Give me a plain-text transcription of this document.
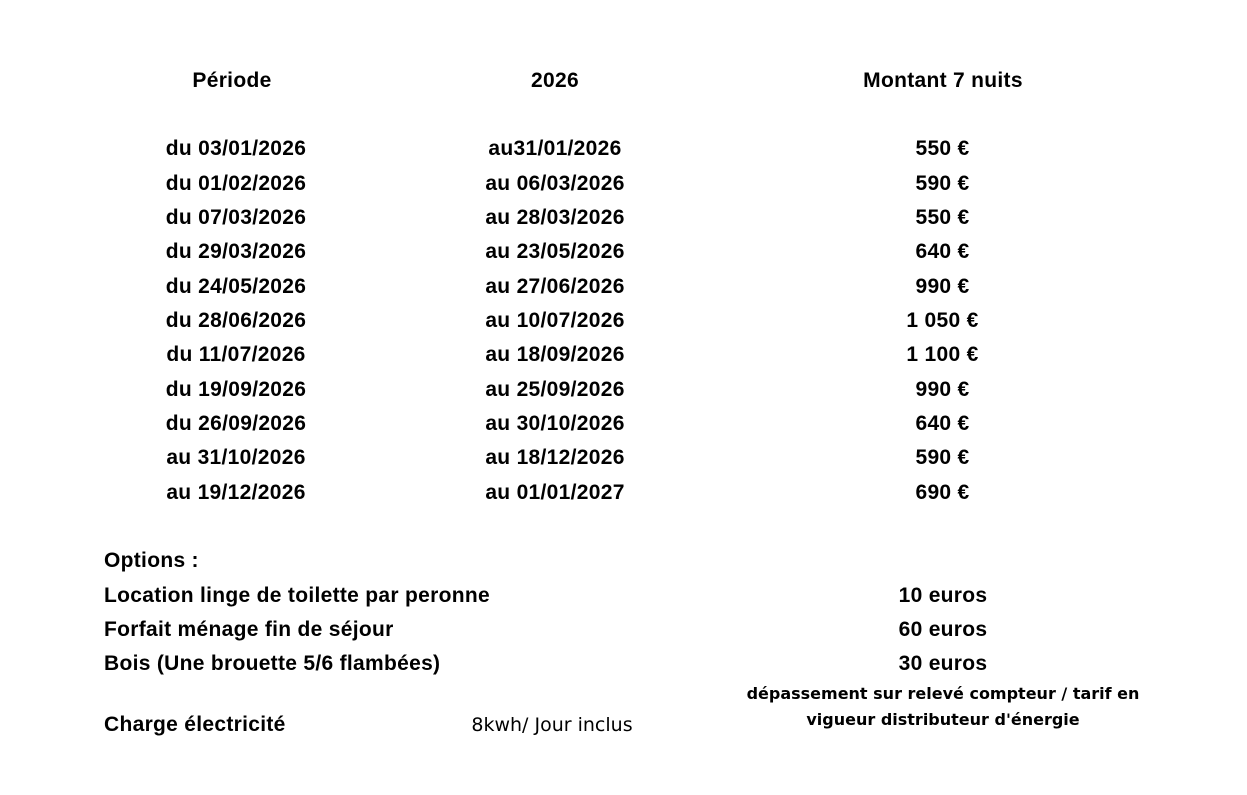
Période	2026	Montant 7 nuits
du 03/01/2026	au31/01/2026	550 €
du 01/02/2026	au 06/03/2026	590 €
du 07/03/2026	au 28/03/2026	550 €
du 29/03/2026	au 23/05/2026	640 €
du 24/05/2026	au 27/06/2026	990 €
du 28/06/2026	au 10/07/2026	1 050 €
du 11/07/2026	au 18/09/2026	1 100 €
du 19/09/2026	au 25/09/2026	990 €
du 26/09/2026	au 30/10/2026	640 €
au 31/10/2026	au 18/12/2026	590 €
au 19/12/2026	au 01/01/2027	690 €
Options :
Location linge de toilette par peronne	10 euros
Forfait ménage fin de séjour	60 euros
Bois (Une brouette 5/6 flambées)	30 euros
Charge électricité	8kwh/ Jour inclus
dépassement sur relevé compteur / tarif en
vigueur distributeur d'énergie
